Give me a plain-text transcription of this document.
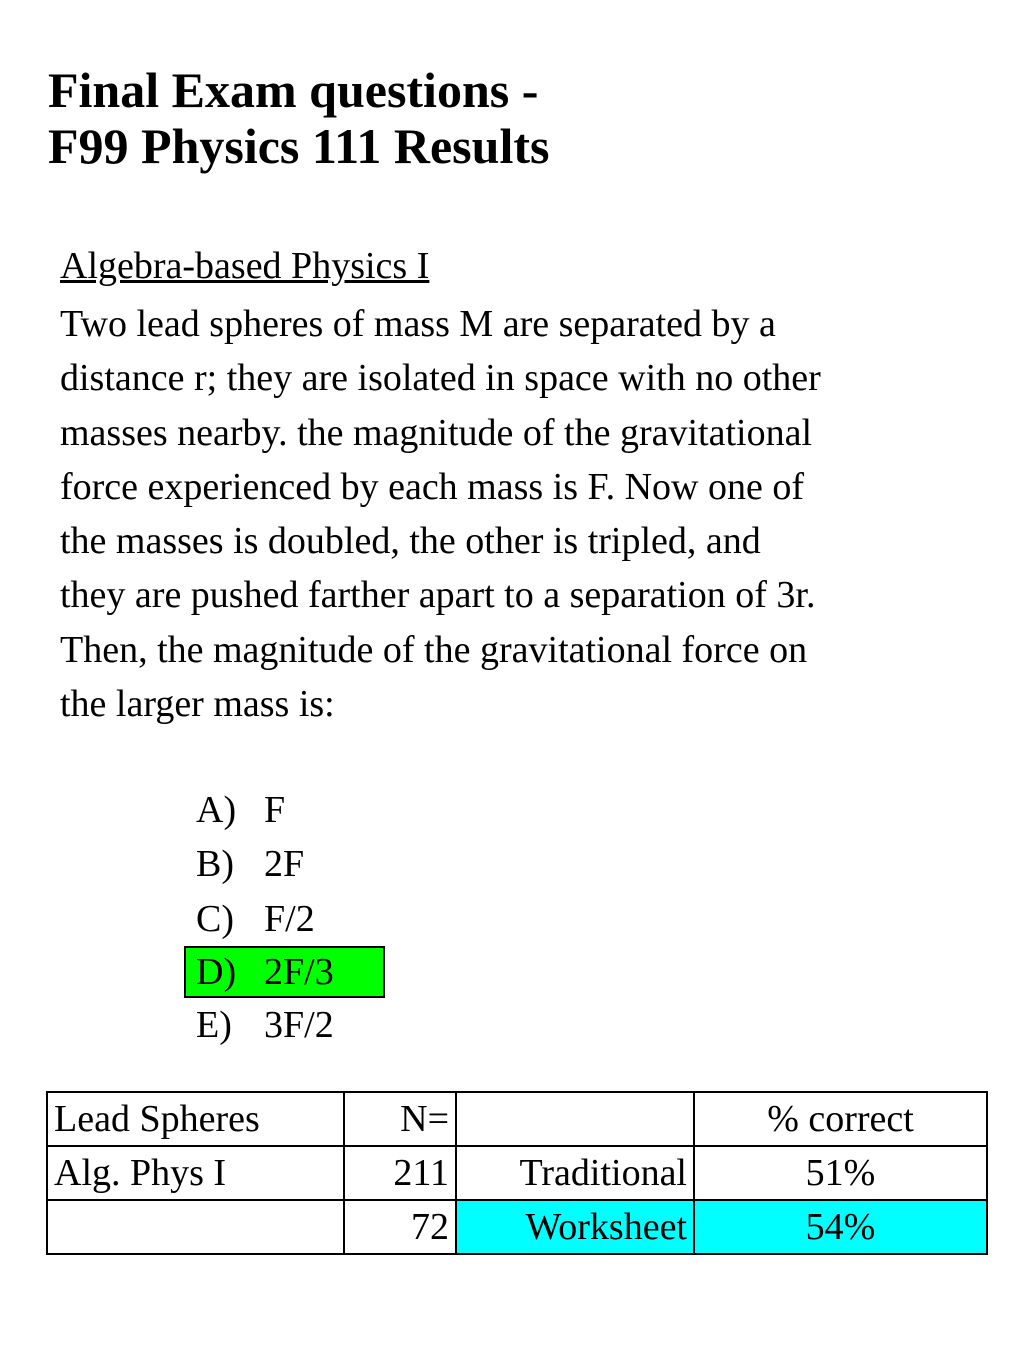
Final Exam questions -
F99 Physics 111 Results
Algebra-based Physics I
Two lead spheres of mass M are separated by a
distance r; they are isolated in space with no other
masses nearby. the magnitude of the gravitational
force experienced by each mass is F. Now one of
the masses is doubled, the other is tripled, and
they are pushed farther apart to a separation of 3r.
Then, the magnitude of the gravitational force on
the larger mass is:
A) F
B) 2F
C) F/2
D) 2F/3
E) 3F/2
Lead Spheres	N=		% correct
Alg. Phys I	211	Traditional	51%
	72	Worksheet	54%
